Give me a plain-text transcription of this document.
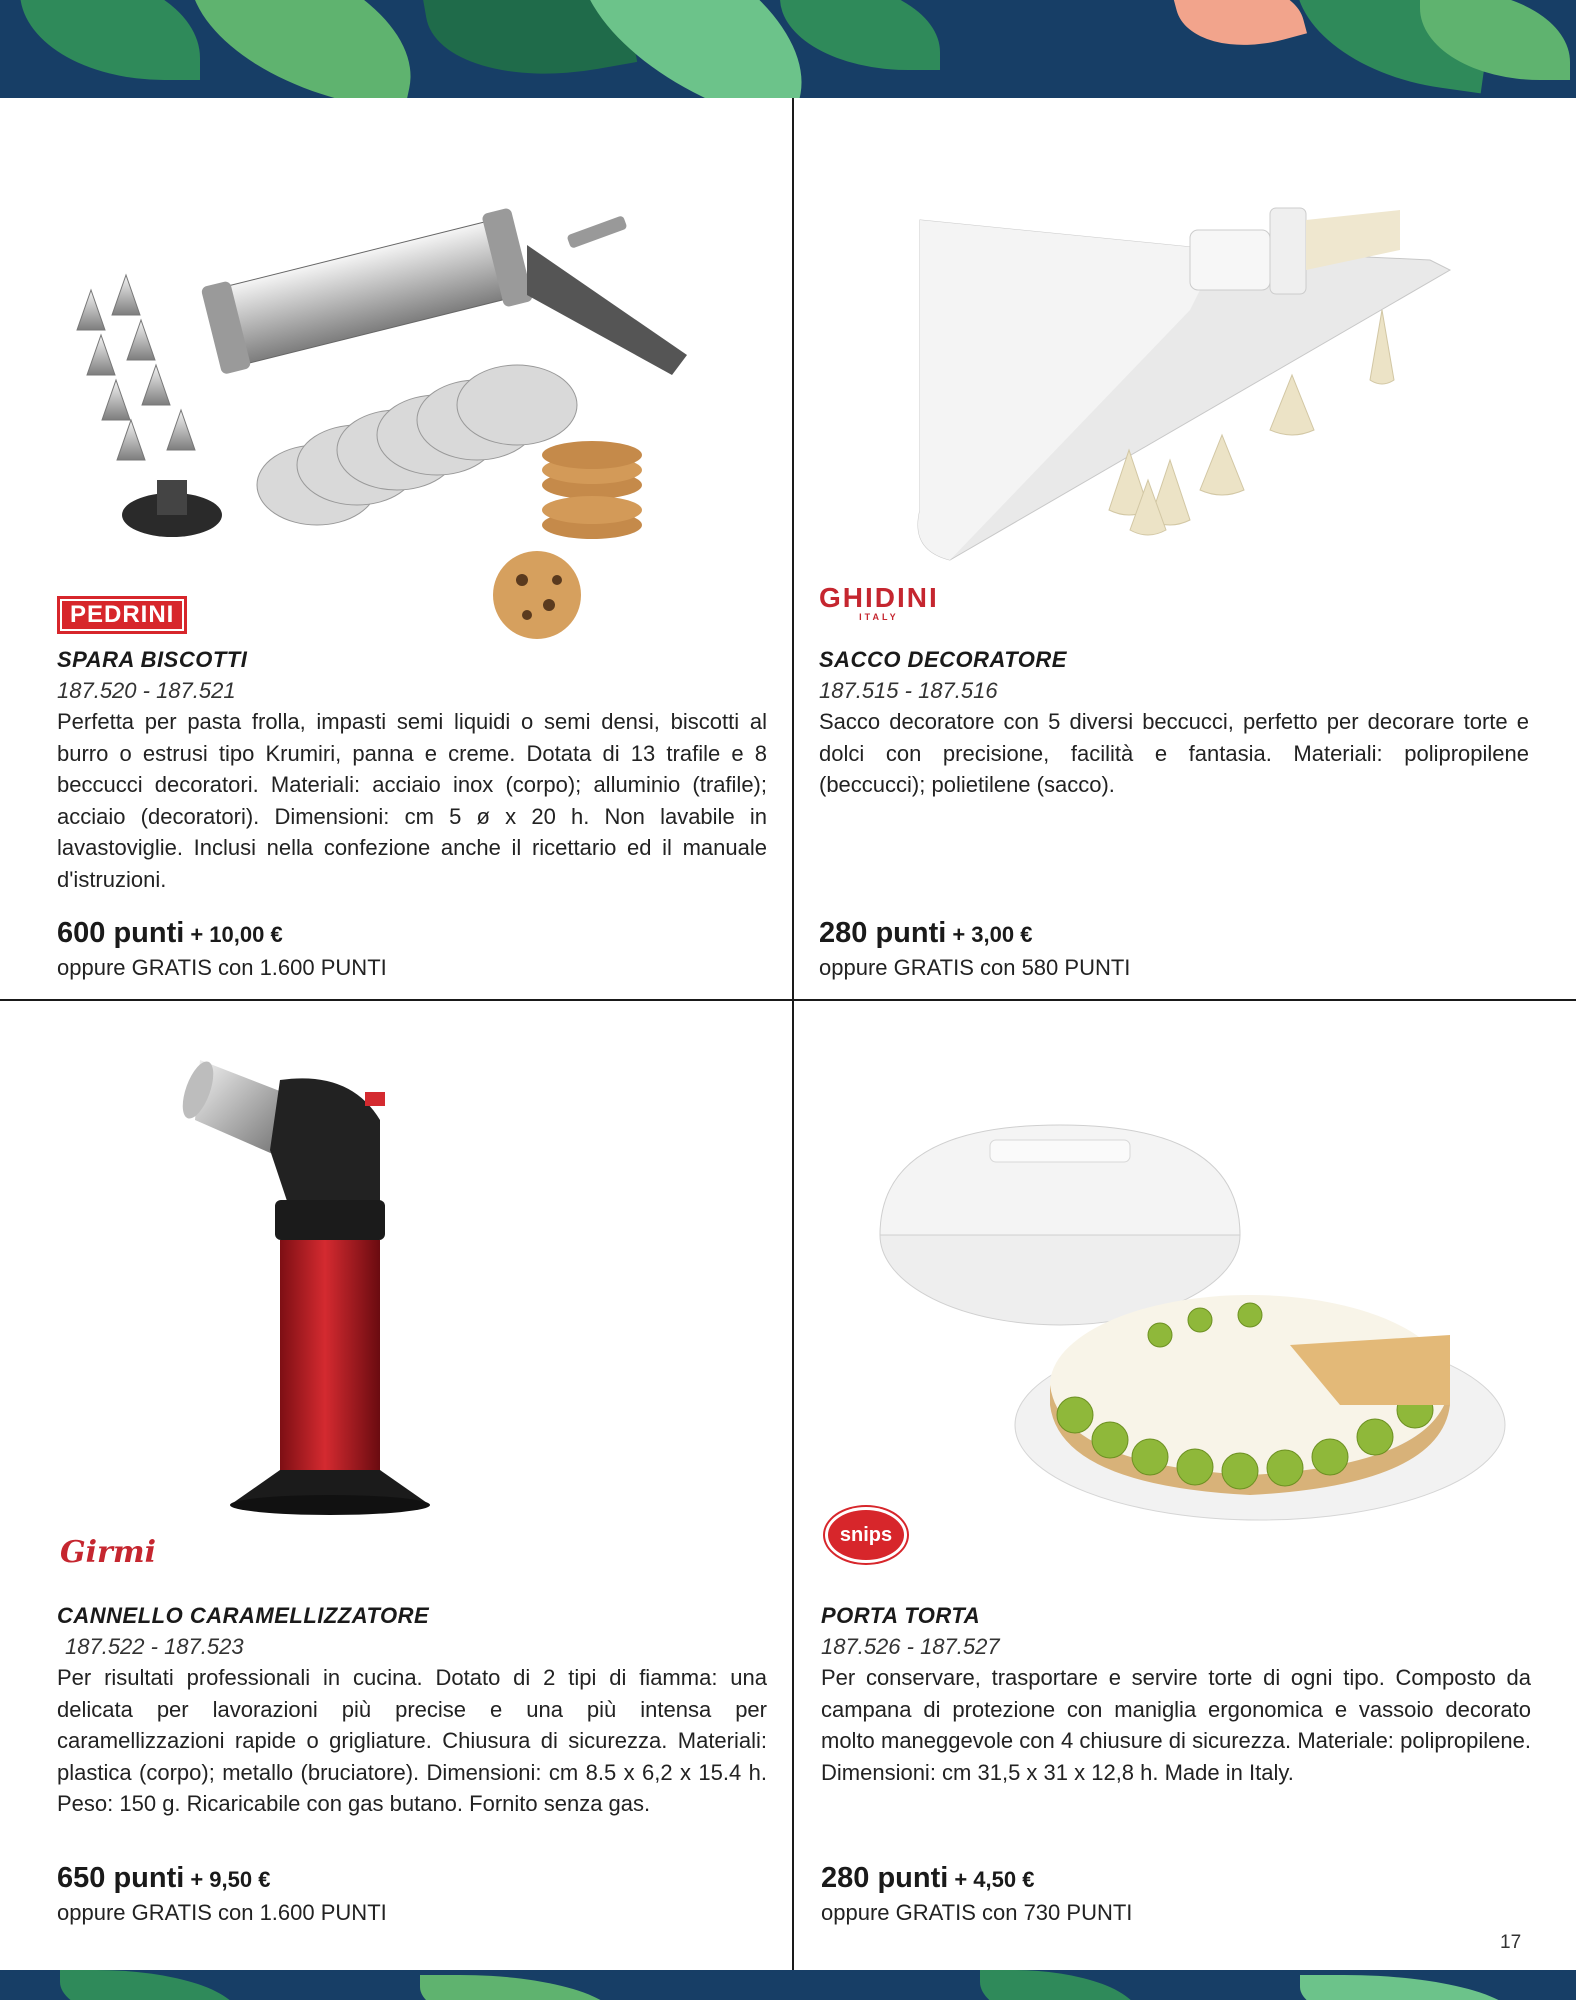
PEDRINI
SPARA BISCOTTI
187.520 - 187.521
Perfetta per pasta frolla, impasti semi liquidi o semi densi, biscotti al burro o estrusi tipo Krumiri, panna e creme. Dotata di 13 trafile e 8 beccucci decoratori. Materiali: acciaio inox (corpo); alluminio (trafile); acciaio (decoratori). Dimensioni: cm 5 ø x 20 h. Non lavabile in lavastoviglie. Inclusi nella confezione anche il ricettario ed il manuale d'istruzioni.
600 punti + 10,00 €
oppure GRATIS con 1.600 PUNTI
GHIDINI
ITALY
SACCO DECORATORE
187.515 - 187.516
Sacco decoratore con 5 diversi beccucci, perfetto per decorare torte e dolci con precisione, facilità e fantasia. Materiali: polipropilene (beccucci); polietilene (sacco).
280 punti + 3,00 €
oppure GRATIS con 580 PUNTI
Girmi
CANNELLO CARAMELLIZZATORE
187.522 - 187.523
Per risultati professionali in cucina. Dotato di 2 tipi di fiamma: una delicata per lavorazioni più precise e una più intensa per caramellizzazioni rapide o grigliature. Chiusura di sicurezza. Materiali: plastica (corpo); metallo (bruciatore). Dimensioni: cm 8.5 x 6,2 x 15.4 h. Peso: 150 g. Ricaricabile con gas butano. Fornito senza gas.
650 punti + 9,50 €
oppure GRATIS con 1.600 PUNTI
snips
PORTA TORTA
187.526 - 187.527
Per conservare, trasportare e servire torte di ogni tipo. Composto da campana di protezione con maniglia ergonomica e vassoio decorato molto maneggevole con 4 chiusure di sicurezza. Materiale: polipropilene. Dimensioni: cm 31,5 x 31 x 12,8 h. Made in Italy.
280 punti + 4,50 €
oppure GRATIS con 730 PUNTI
17
